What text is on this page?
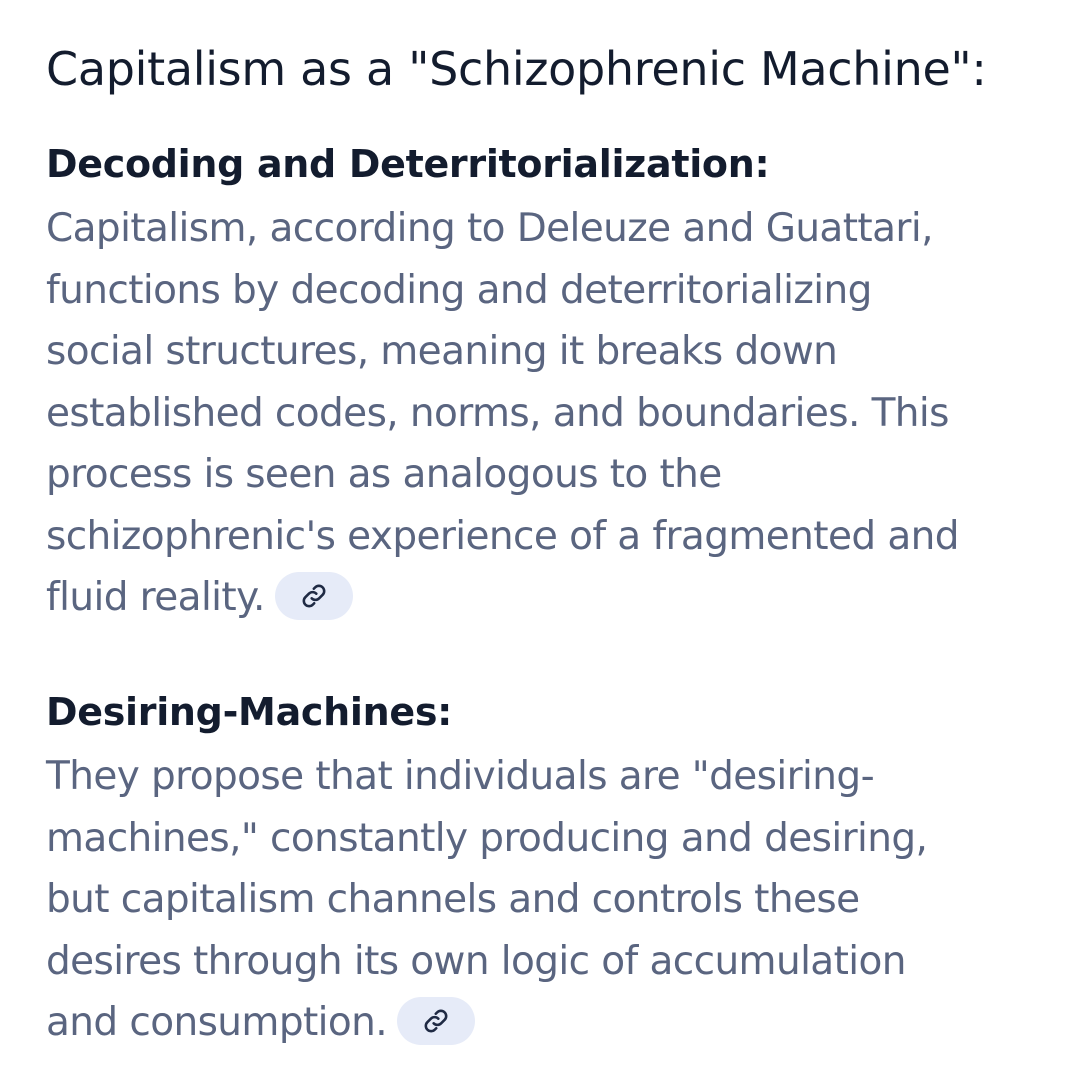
Capitalism as a "Schizophrenic Machine":
Decoding and Deterritorialization:

Capitalism, according to Deleuze and Guattari,
functions by decoding and deterritorializing
social structures, meaning it breaks down
established codes, norms, and boundaries. This
process is seen as analogous to the
schizophrenic's experience of a fragmented and
fluid reality.

Desiring-Machines:

They propose that individuals are "desiring-
machines," constantly producing and desiring,
but capitalism channels and controls these
desires through its own logic of accumulation
and consumption.
